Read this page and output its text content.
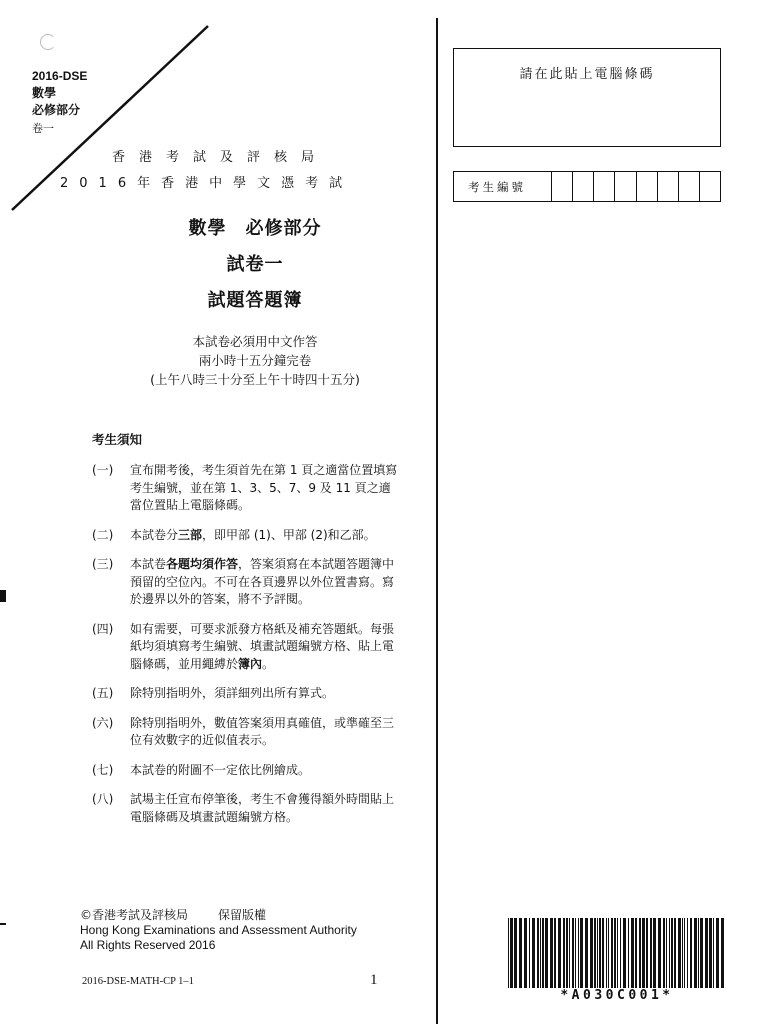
2016-DSE
數學
必修部分
卷一
香港考試及評核局
2016年香港中學文憑考試
數學　必修部分
試卷一
試題答題簿
本試卷必須用中文作答
兩小時十五分鐘完卷
(上午八時三十分至上午十時四十五分)
考生須知
(一)	宣布開考後，考生須首先在第 1 頁之適當位置填寫考生編號，並在第 1、3、5、7、9 及 11 頁之適當位置貼上電腦條碼。
(二)	本試卷分三部，即甲部 (1)、甲部 (2)和乙部。
(三)	本試卷各題均須作答，答案須寫在本試題答題簿中預留的空位內。不可在各頁邊界以外位置書寫。寫於邊界以外的答案，將不予評閱。
(四)	如有需要，可要求派發方格紙及補充答題紙。每張紙均須填寫考生編號、填畫試題編號方格、貼上電腦條碼，並用繩縛於簿內。
(五)	除特別指明外，須詳細列出所有算式。
(六)	除特別指明外，數值答案須用真確值，或準確至三位有效數字的近似值表示。
(七)	本試卷的附圖不一定依比例繪成。
(八)	試場主任宣布停筆後，考生不會獲得額外時間貼上電腦條碼及填畫試題編號方格。
©香港考試及評核局	保留版權
Hong Kong Examinations and Assessment Authority
All Rights Reserved 2016
2016-DSE-MATH-CP 1–1	1
請在此貼上電腦條碼
考生編號
*A030C001*
